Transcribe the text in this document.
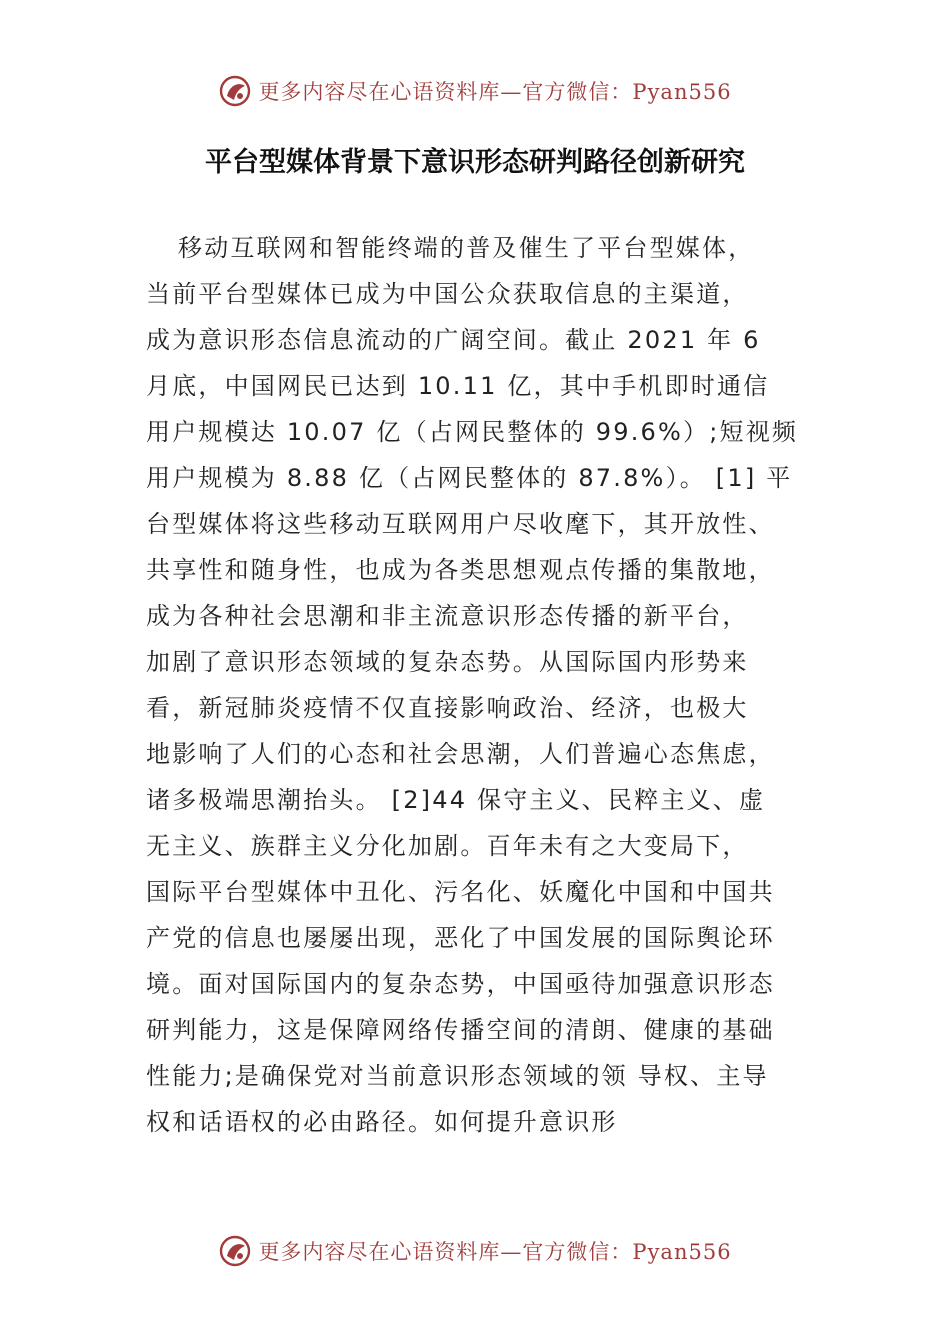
更多内容尽在心语资料库—官方微信：Pyan556
平台型媒体背景下意识形态研判路径创新研究
移动互联网和智能终端的普及催生了平台型媒体，
当前平台型媒体已成为中国公众获取信息的主渠道，
成为意识形态信息流动的广阔空间。截止 2021 年 6
月底，中国网民已达到 10.11 亿，其中手机即时通信
用户规模达 10.07 亿（占网民整体的 99.6%）;短视频
用户规模为 8.88 亿（占网民整体的 87.8%）。 [1] 平
台型媒体将这些移动互联网用户尽收麾下，其开放性、
共享性和随身性，也成为各类思想观点传播的集散地，
成为各种社会思潮和非主流意识形态传播的新平台，
加剧了意识形态领域的复杂态势。从国际国内形势来
看，新冠肺炎疫情不仅直接影响政治、经济，也极大
地影响了人们的心态和社会思潮，人们普遍心态焦虑，
诸多极端思潮抬头。 [2]44 保守主义、民粹主义、虚
无主义、族群主义分化加剧。百年未有之大变局下，
国际平台型媒体中丑化、污名化、妖魔化中国和中国共
产党的信息也屡屡出现，恶化了中国发展的国际舆论环
境。面对国际国内的复杂态势，中国亟待加强意识形态
研判能力，这是保障网络传播空间的清朗、健康的基础
性能力;是确保党对当前意识形态领域的领 导权、主导
权和话语权的必由路径。如何提升意识形
更多内容尽在心语资料库—官方微信：Pyan556
